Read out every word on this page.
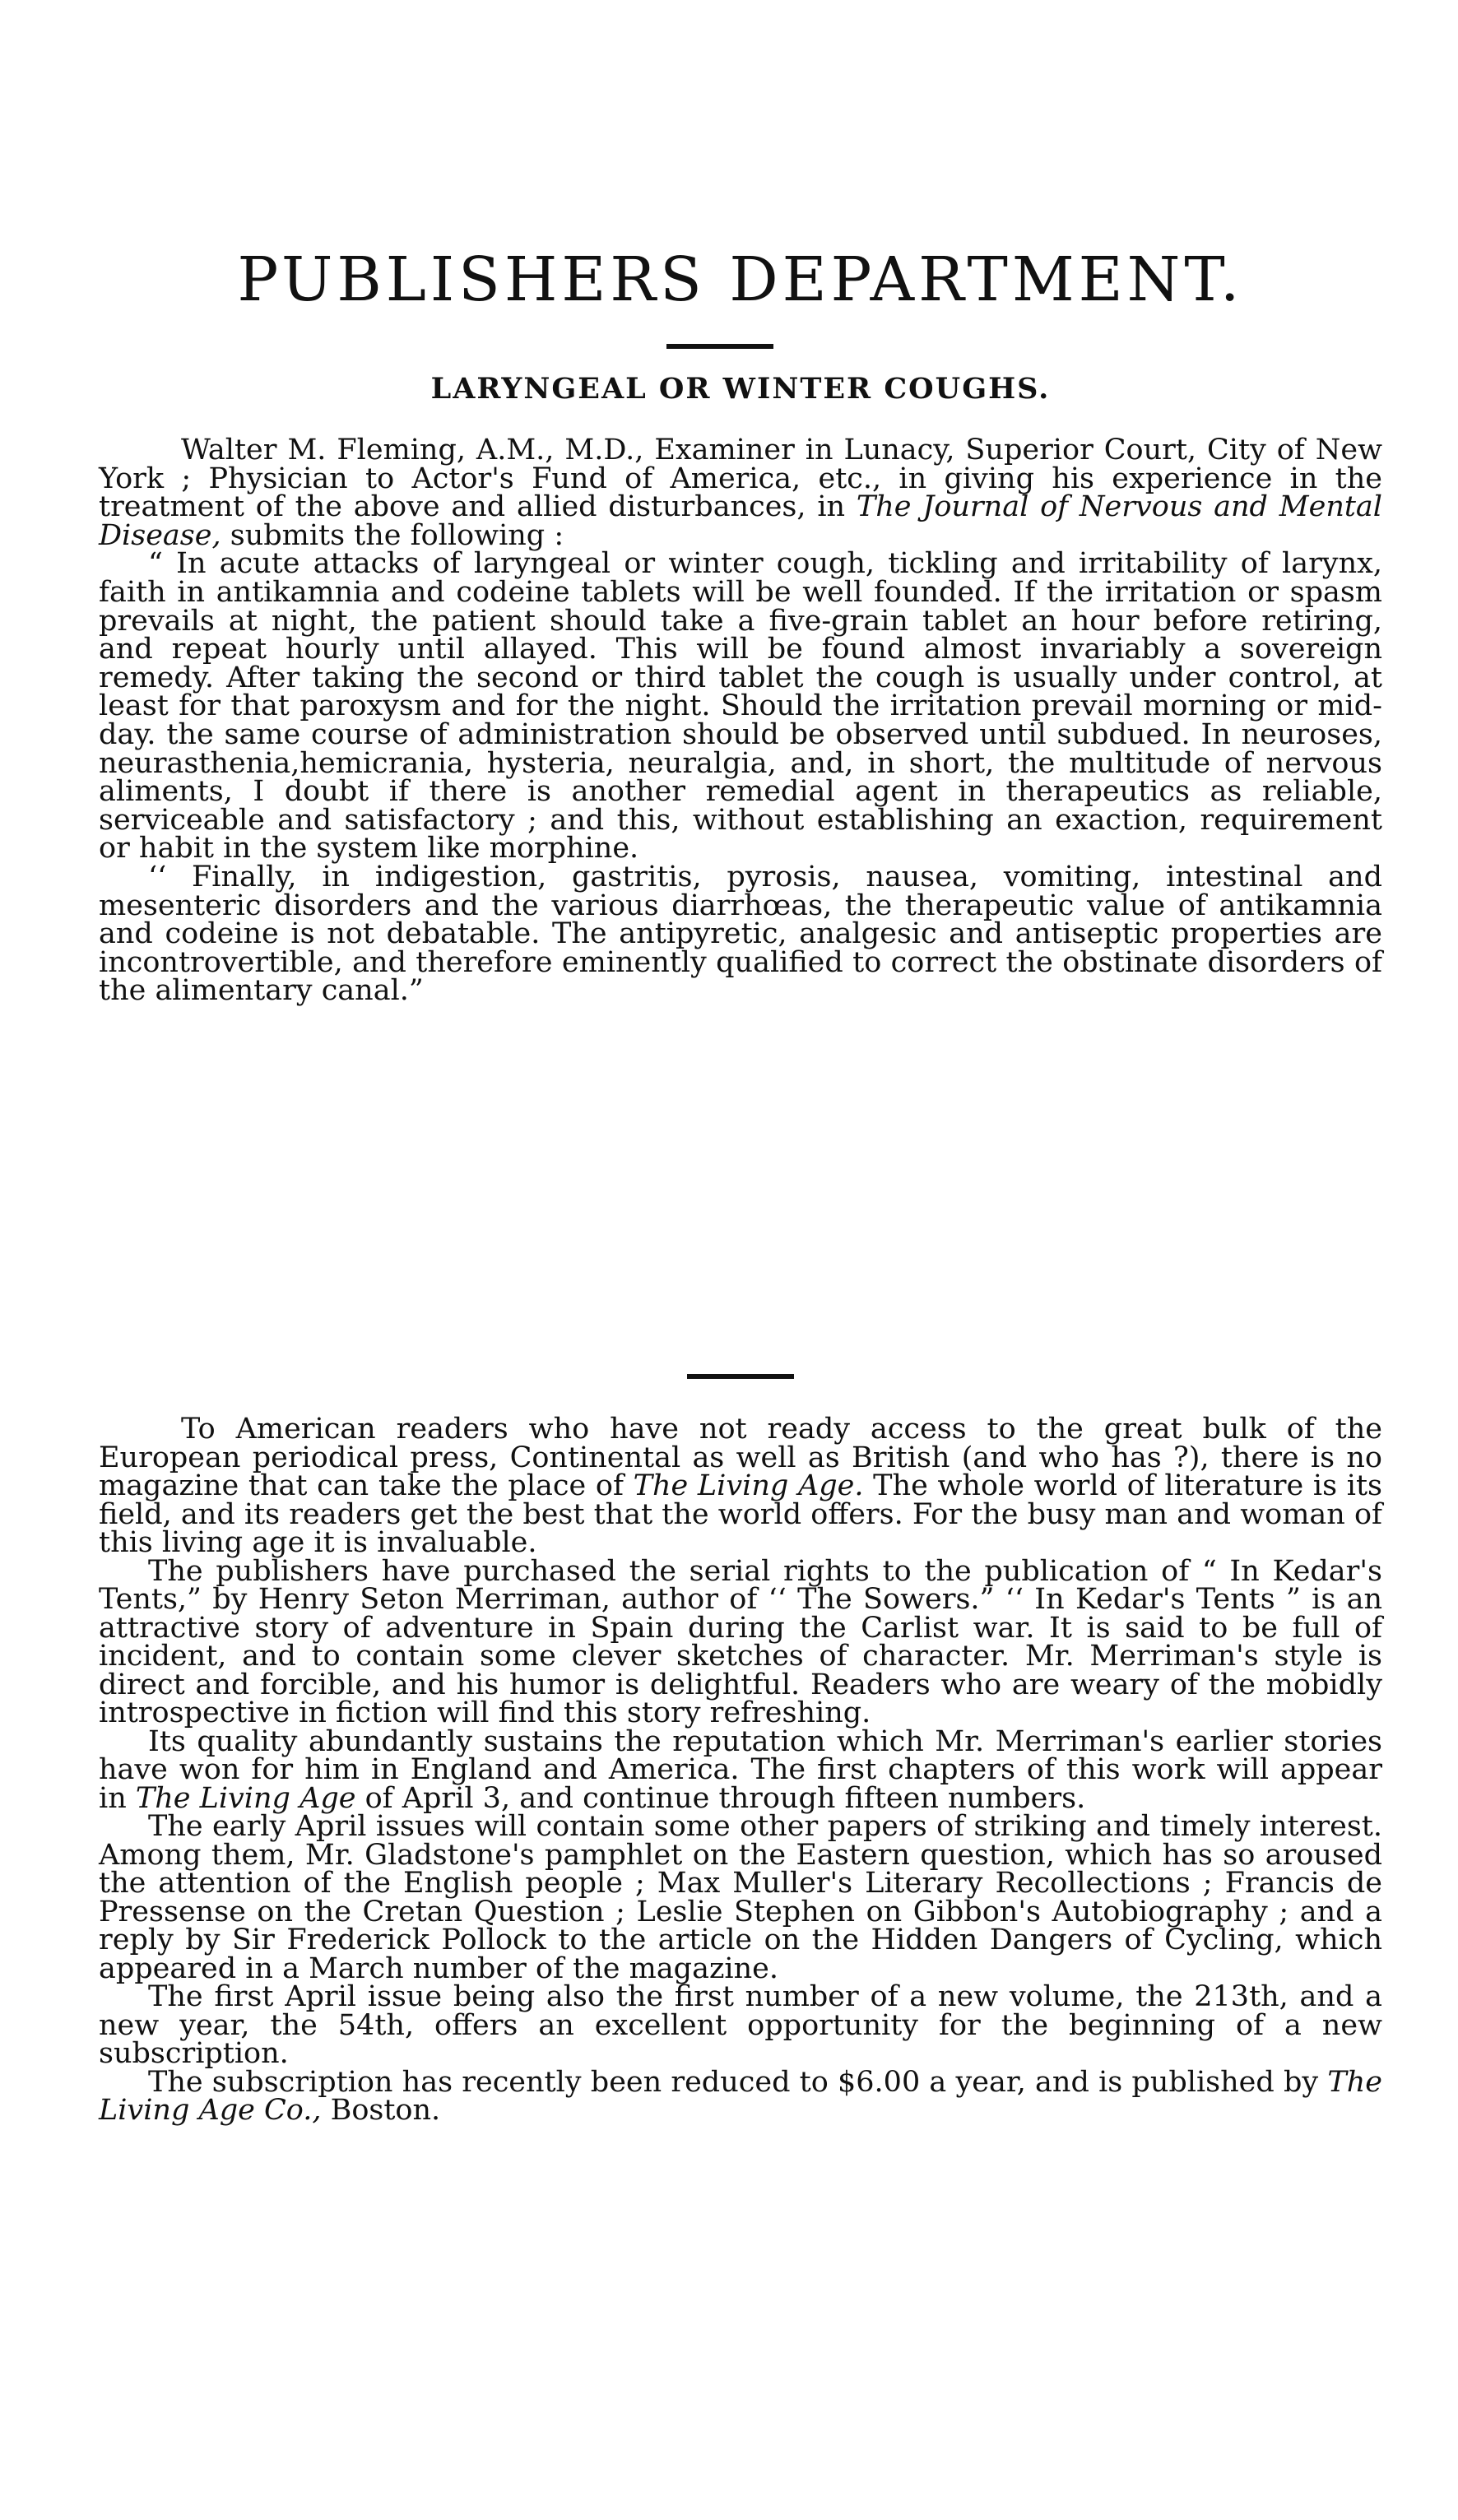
PUBLISHERS DEPARTMENT.
LARYNGEAL OR WINTER COUGHS.

Walter M. Fleming, A.M., M.D., Examiner in Lunacy, Superior Court, City of New York ; Physician to Actor's Fund of America, etc., in giving his experience in the treatment of the above and allied disturbances, in The Journal of Nervous and Mental Disease, submits the following :

“ In acute attacks of laryngeal or winter cough, tickling and irritability of larynx, faith in antikamnia and codeine tablets will be well founded. If the irritation or spasm prevails at night, the patient should take a five-grain tablet an hour before retiring, and repeat hourly until allayed. This will be found almost invariably a sovereign remedy. After taking the second or third tablet the cough is usually under control, at least for that paroxysm and for the night. Should the irritation prevail morning or mid-day. the same course of administration should be observed until subdued. In neuroses, neurasthenia,hemicrania, hysteria, neuralgia, and, in short, the multitude of nervous aliments, I doubt if there is another remedial agent in therapeutics as reliable, serviceable and satisfactory ; and this, without establishing an exaction, requirement or habit in the system like morphine.

‘‘ Finally, in indigestion, gastritis, pyrosis, nausea, vomiting, intestinal and mesenteric disorders and the various diarrhœas, the therapeutic value of antikamnia and codeine is not debatable. The antipyretic, analgesic and antiseptic properties are incontrovertible, and therefore eminently qualified to correct the obstinate disorders of the alimentary canal.”

To American readers who have not ready access to the great bulk of the European periodical press, Continental as well as British (and who has ?), there is no magazine that can take the place of The Living Age. The whole world of literature is its field, and its readers get the best that the world offers. For the busy man and woman of this living age it is invaluable.

The publishers have purchased the serial rights to the publication of “ In Kedar's Tents,” by Henry Seton Merriman, author of ‘‘ The Sowers.” ‘‘ In Kedar's Tents ” is an attractive story of adventure in Spain during the Carlist war. It is said to be full of incident, and to contain some clever sketches of character. Mr. Merriman's style is direct and forcible, and his humor is delightful. Readers who are weary of the mobidly introspective in fiction will find this story refreshing.

Its quality abundantly sustains the reputation which Mr. Merriman's earlier stories have won for him in England and America. The first chapters of this work will appear in The Living Age of April 3, and continue through fifteen numbers.

The early April issues will contain some other papers of striking and timely interest. Among them, Mr. Gladstone's pamphlet on the Eastern question, which has so aroused the attention of the English people ; Max Muller's Literary Recollections ; Francis de Pressense on the Cretan Question ; Leslie Stephen on Gibbon's Autobiography ; and a reply by Sir Frederick Pollock to the article on the Hidden Dangers of Cycling, which appeared in a March number of the magazine.

The first April issue being also the first number of a new volume, the 213th, and a new year, the 54th, offers an excellent opportunity for the beginning of a new subscription.

The subscription has recently been reduced to $6.00 a year, and is published by The Living Age Co., Boston.
